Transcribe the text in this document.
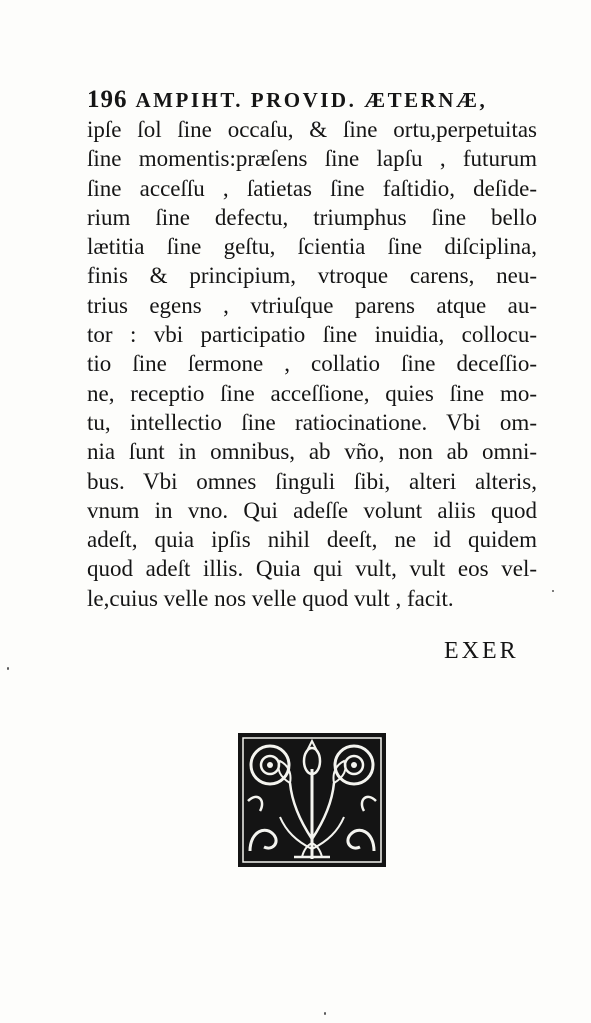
196 AMPIHT. PROVID. ÆTERNÆ,
ipſe ſol ſine occaſu, & ſine ortu,perpetuitas
ſine momentis:præſens ſine lapſu , futurum
ſine acceſſu , ſatietas ſine faſtidio, deſide-
rium ſine defectu, triumphus ſine bello
lætitia ſine geſtu, ſcientia ſine diſciplina,
finis & principium, vtroque carens, neu-
trius egens , vtriuſque parens atque au-
tor : vbi participatio ſine inuidia, collocu-
tio ſine ſermone , collatio ſine deceſſio-
ne, receptio ſine acceſſione, quies ſine mo-
tu, intellectio ſine ratiocinatione. Vbi om-
nia ſunt in omnibus, ab vño, non ab omni-
bus. Vbi omnes ſinguli ſibi, alteri alteris,
vnum in vno. Qui adeſſe volunt aliis quod
adeſt, quia ipſis nihil deeſt, ne id quidem
quod adeſt illis. Quia qui vult, vult eos vel-
le,cuius velle nos velle quod vult , facit.
EXER
